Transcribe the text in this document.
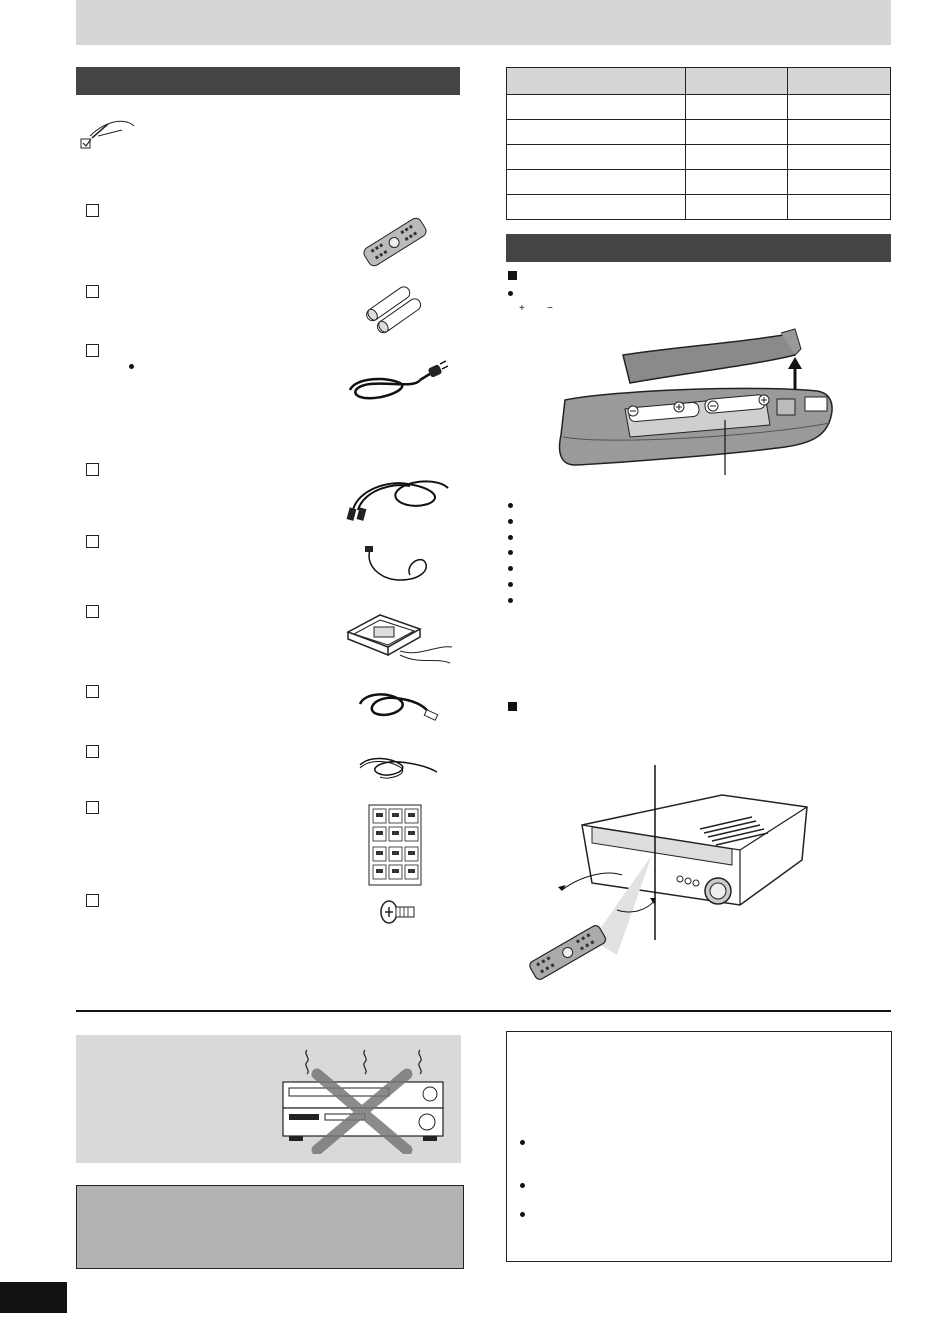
+ −
